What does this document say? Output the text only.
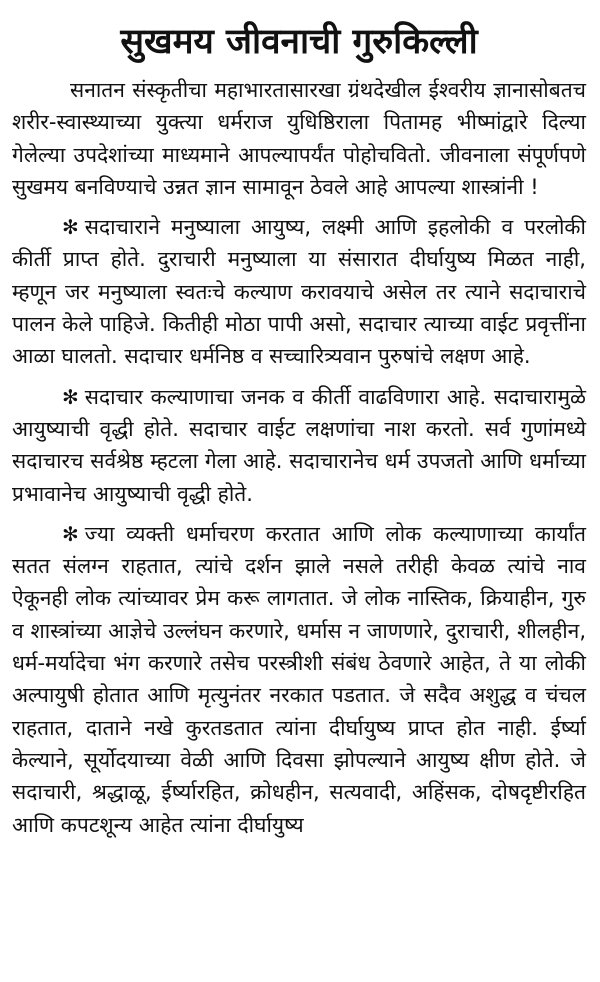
सुखमय जीवनाची गुरुकिल्ली

सनातन संस्कृतीचा महाभारतासारखा ग्रंथदेखील ईश्वरीय ज्ञानासोबतच शरीर-स्वास्थ्याच्या युक्त्या धर्मराज युधिष्ठिराला पितामह भीष्मांद्वारे दिल्या गेलेल्या उपदेशांच्या माध्यमाने आपल्यापर्यंत पोहोचवितो. जीवनाला संपूर्णपणे सुखमय बनविण्याचे उन्नत ज्ञान सामावून ठेवले आहे आपल्या शास्त्रांनी !

✻ सदाचाराने मनुष्याला आयुष्य, लक्ष्मी आणि इहलोकी व परलोकी कीर्ती प्राप्त होते. दुराचारी मनुष्याला या संसारात दीर्घायुष्य मिळत नाही, म्हणून जर मनुष्याला स्वतःचे कल्याण करावयाचे असेल तर त्याने सदाचाराचे पालन केले पाहिजे. कितीही मोठा पापी असो, सदाचार त्याच्या वाईट प्रवृत्तींना आळा घालतो. सदाचार धर्मनिष्ठ व सच्चारित्र्यवान पुरुषांचे लक्षण आहे.

✻ सदाचार कल्याणाचा जनक व कीर्ती वाढविणारा आहे. सदाचारामुळे आयुष्याची वृद्धी होते. सदाचार वाईट लक्षणांचा नाश करतो. सर्व गुणांमध्ये सदाचारच सर्वश्रेष्ठ म्हटला गेला आहे. सदाचारानेच धर्म उपजतो आणि धर्माच्या प्रभावानेच आयुष्याची वृद्धी होते.

✻ ज्या व्यक्ती धर्माचरण करतात आणि लोक कल्याणाच्या कार्यांत सतत संलग्न राहतात, त्यांचे दर्शन झाले नसले तरीही केवळ त्यांचे नाव ऐकूनही लोक त्यांच्यावर प्रेम करू लागतात. जे लोक नास्तिक, क्रियाहीन, गुरु व शास्त्रांच्या आज्ञेचे उल्लंघन करणारे, धर्मास न जाणणारे, दुराचारी, शीलहीन, धर्म-मर्यादेचा भंग करणारे तसेच परस्त्रीशी संबंध ठेवणारे आहेत, ते या लोकी अल्पायुषी होतात आणि मृत्युनंतर नरकात पडतात. जे सदैव अशुद्ध व चंचल राहतात, दाताने नखे कुरतडतात त्यांना दीर्घायुष्य प्राप्त होत नाही. ईर्ष्या केल्याने, सूर्योदयाच्या वेळी आणि दिवसा झोपल्याने आयुष्य क्षीण होते. जे सदाचारी, श्रद्धाळू, ईर्ष्यारहित, क्रोधहीन, सत्यवादी, अहिंसक, दोषदृष्टीरहित आणि कपटशून्य आहेत त्यांना दीर्घायुष्य
